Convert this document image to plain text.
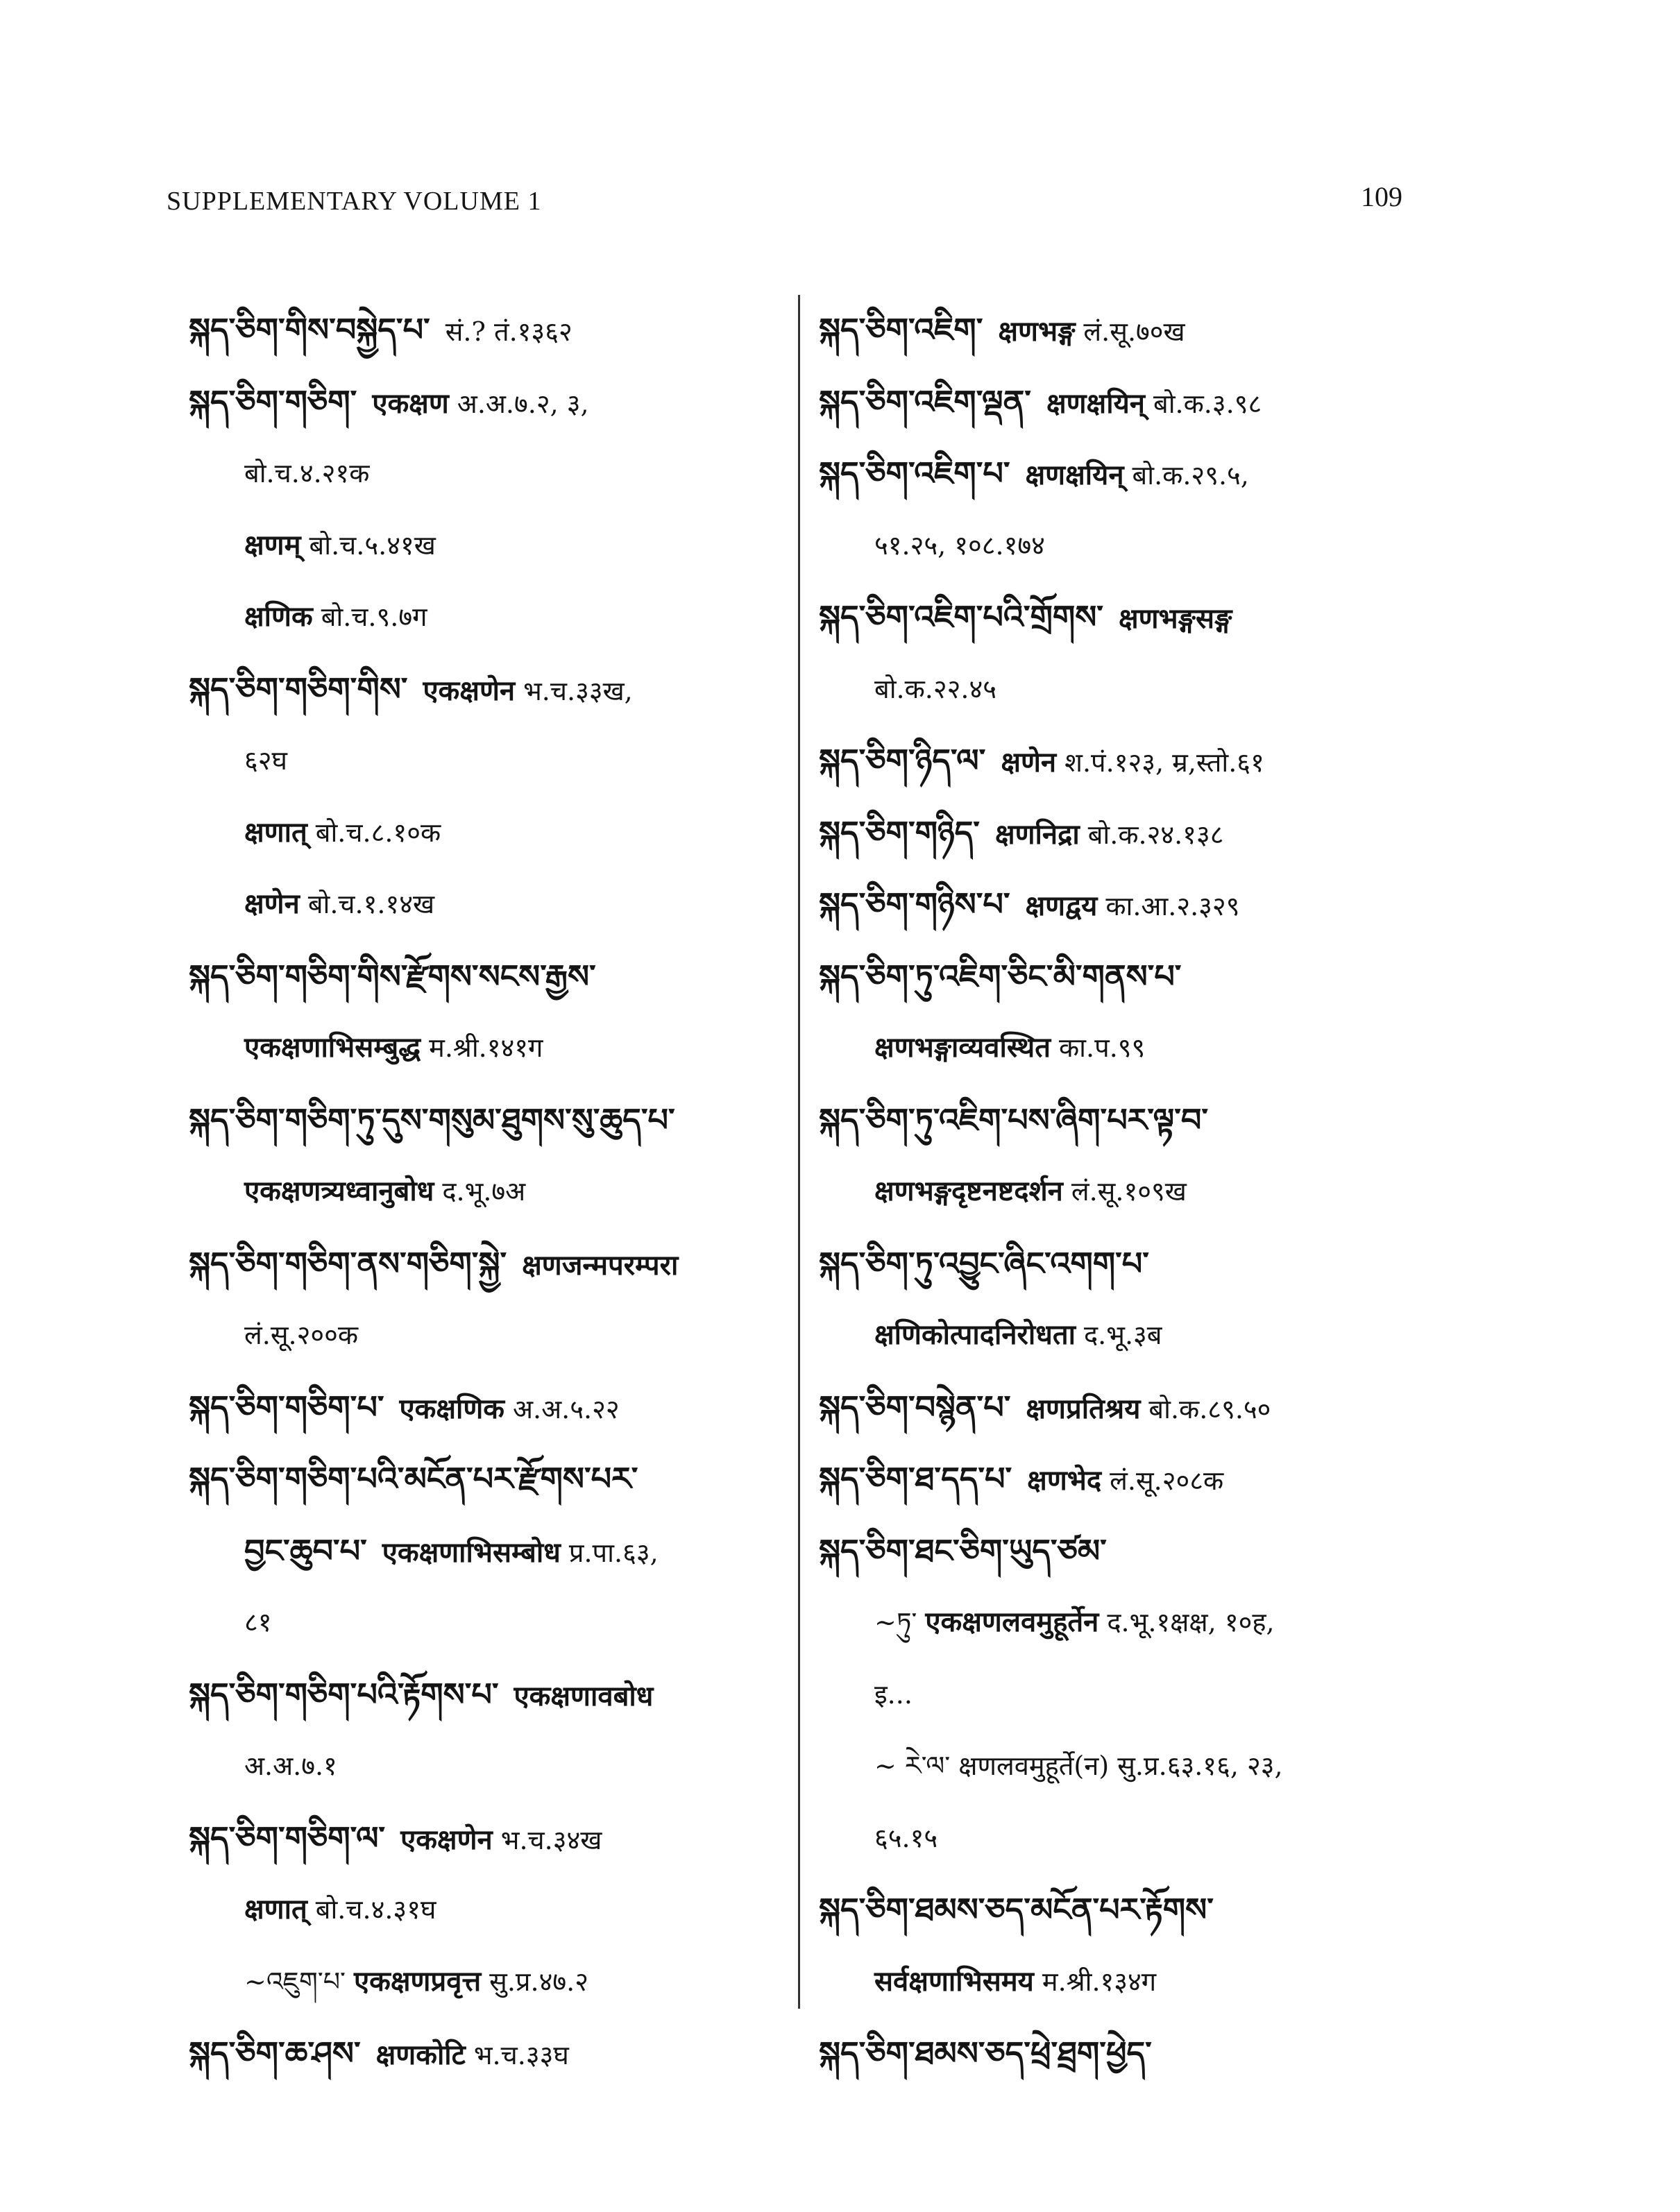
SUPPLEMENTARY VOLUME 1	109
སྐད་ཅིག་གིས་བསྐྱེད་པ་ सं.? तं.१३६२
སྐད་ཅིག་གཅིག་ एकक्षण अ.अ.७.२, ३,
बो.च.४.२१क
क्षणम् बो.च.५.४१ख
क्षणिक बो.च.९.७ग
སྐད་ཅིག་གཅིག་གིས་ एकक्षणेन भ.च.३३ख,
६२घ
क्षणात् बो.च.८.१०क
क्षणेन बो.च.१.१४ख
སྐད་ཅིག་གཅིག་གིས་རྫོགས་སངས་རྒྱས་
एकक्षणाभिसम्बुद्ध म.श्री.१४१ग
སྐད་ཅིག་གཅིག་ཏུ་དུས་གསུམ་ཐུགས་སུ་ཆུད་པ་
एकक्षणत्र्यध्वानुबोध द.भू.७अ
སྐད་ཅིག་གཅིག་ནས་གཅིག་སྐྱེ་ क्षणजन्मपरम्परा
लं.सू.२००क
སྐད་ཅིག་གཅིག་པ་ एकक्षणिक अ.अ.५.२२
སྐད་ཅིག་གཅིག་པའི་མངོན་པར་རྫོགས་པར་
བྱང་ཆུབ་པ་ एकक्षणाभिसम्बोध प्र.पा.६३,
८१
སྐད་ཅིག་གཅིག་པའི་རྟོགས་པ་ एकक्षणावबोध
अ.अ.७.१
སྐད་ཅིག་གཅིག་ལ་ एकक्षणेन भ.च.३४ख
क्षणात् बो.च.४.३१घ
~འཇུག་པ་ एकक्षणप्रवृत्त सु.प्र.४७.२
སྐད་ཅིག་ཆ་ཤས་ क्षणकोटि भ.च.३३घ
སྐད་ཅིག་འཇིག་ क्षणभङ्ग लं.सू.७०ख
སྐད་ཅིག་འཇིག་ལྡན་ क्षणक्षयिन् बो.क.३.९८
སྐད་ཅིག་འཇིག་པ་ क्षणक्षयिन् बो.क.२९.५,
५१.२५, १०८.१७४
སྐད་ཅིག་འཇིག་པའི་གྲོགས་ क्षणभङ्गसङ्ग
बो.क.२२.४५
སྐད་ཅིག་ཉིད་ལ་ क्षणेन श.पं.१२३, म्र,स्तो.६१
སྐད་ཅིག་གཉིད་ क्षणनिद्रा बो.क.२४.१३८
སྐད་ཅིག་གཉིས་པ་ क्षणद्वय का.आ.२.३२९
སྐད་ཅིག་ཏུ་འཇིག་ཅིང་མི་གནས་པ་
क्षणभङ्गाव्यवस्थित का.प.९९
སྐད་ཅིག་ཏུ་འཇིག་པས་ཞིག་པར་ལྟ་བ་
क्षणभङ्गदृष्टनष्टदर्शन लं.सू.१०९ख
སྐད་ཅིག་ཏུ་འབྱུང་ཞིང་འགག་པ་
क्षणिकोत्पादनिरोधता द.भू.३ब
སྐད་ཅིག་བསྙེན་པ་ क्षणप्रतिश्रय बो.क.८९.५०
སྐད་ཅིག་ཐ་དད་པ་ क्षणभेद लं.सू.२०८क
སྐད་ཅིག་ཐང་ཅིག་ཡུད་ཙམ་
~ཏུ་ एकक्षणलवमुहूर्तेन द.भू.१क्षक्ष, १०ह,
इ...
~ རེ་ལ་ क्षणलवमुहूर्ते(न) सु.प्र.६३.१६, २३,
६५.१५
སྐད་ཅིག་ཐམས་ཅད་མངོན་པར་རྟོགས་
सर्वक्षणाभिसमय म.श्री.१३४ग
སྐད་ཅིག་ཐམས་ཅད་ཕྲེ་ཐྲག་ཕྱེད་
